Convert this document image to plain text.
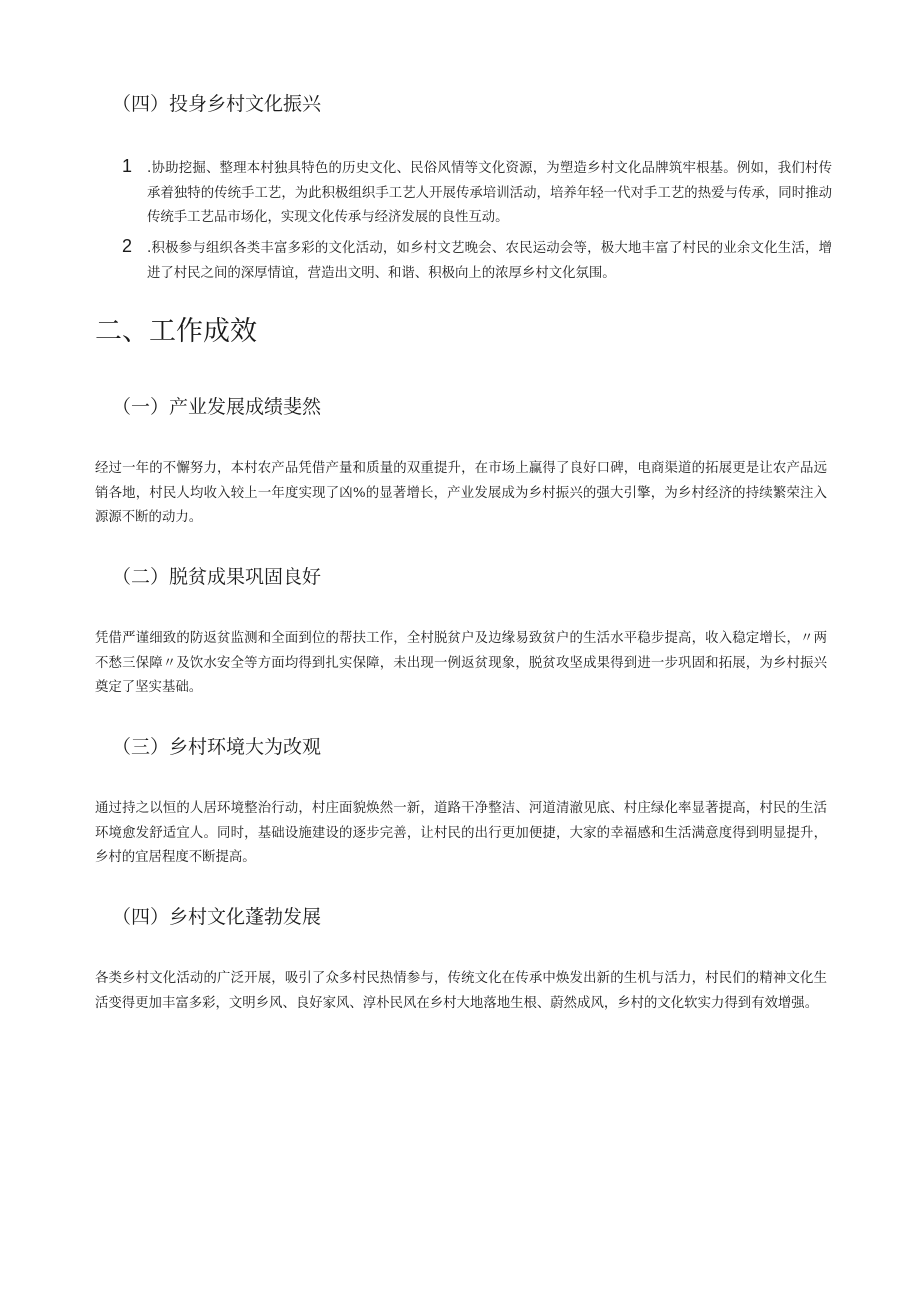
（四）投身乡村文化振兴
1 .协助挖掘、整理本村独具特色的历史文化、民俗风情等文化资源，为塑造乡村文化品牌筑牢根基。例如，我们村传承着独特的传统手工艺，为此积极组织手工艺人开展传承培训活动，培养年轻一代对手工艺的热爱与传承，同时推动传统手工艺品市场化，实现文化传承与经济发展的良性互动。

2 .积极参与组织各类丰富多彩的文化活动，如乡村文艺晚会、农民运动会等，极大地丰富了村民的业余文化生活，增进了村民之间的深厚情谊，营造出文明、和谐、积极向上的浓厚乡村文化氛围。

二、工作成效
（一）产业发展成绩斐然

经过一年的不懈努力，本村农产品凭借产量和质量的双重提升，在市场上赢得了良好口碑，电商渠道的拓展更是让农产品远销各地，村民人均收入较上一年度实现了凶%的显著增长，产业发展成为乡村振兴的强大引擎，为乡村经济的持续繁荣注入源源不断的动力。

（二）脱贫成果巩固良好

凭借严谨细致的防返贫监测和全面到位的帮扶工作，全村脱贫户及边缘易致贫户的生活水平稳步提高，收入稳定增长，〃两不愁三保障〃及饮水安全等方面均得到扎实保障，未出现一例返贫现象，脱贫攻坚成果得到进一步巩固和拓展，为乡村振兴奠定了坚实基础。

（三）乡村环境大为改观

通过持之以恒的人居环境整治行动，村庄面貌焕然一新，道路干净整洁、河道清澈见底、村庄绿化率显著提高，村民的生活环境愈发舒适宜人。同时，基础设施建设的逐步完善，让村民的出行更加便捷，大家的幸福感和生活满意度得到明显提升，乡村的宜居程度不断提高。

（四）乡村文化蓬勃发展

各类乡村文化活动的广泛开展，吸引了众多村民热情参与，传统文化在传承中焕发出新的生机与活力，村民们的精神文化生活变得更加丰富多彩，文明乡风、良好家风、淳朴民风在乡村大地落地生根、蔚然成风，乡村的文化软实力得到有效增强。
